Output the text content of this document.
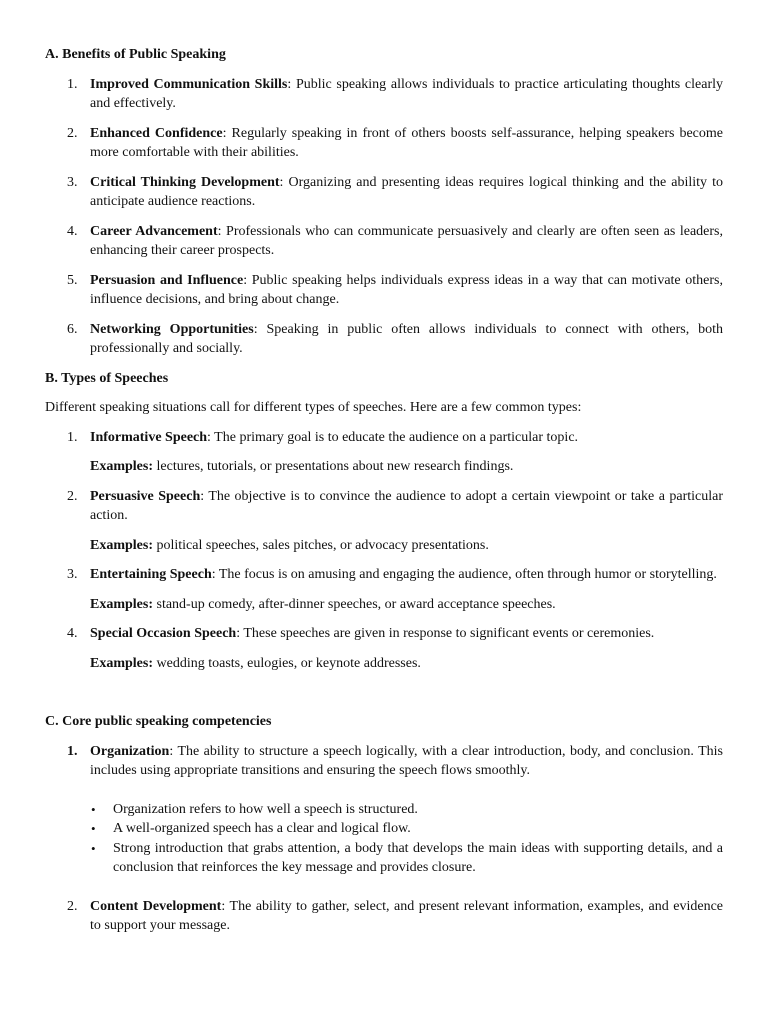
A. Benefits of Public Speaking

1. Improved Communication Skills: Public speaking allows individuals to practice articulating thoughts clearly and effectively.
2. Enhanced Confidence: Regularly speaking in front of others boosts self-assurance, helping speakers become more comfortable with their abilities.
3. Critical Thinking Development: Organizing and presenting ideas requires logical thinking and the ability to anticipate audience reactions.
4. Career Advancement: Professionals who can communicate persuasively and clearly are often seen as leaders, enhancing their career prospects.
5. Persuasion and Influence: Public speaking helps individuals express ideas in a way that can motivate others, influence decisions, and bring about change.
6. Networking Opportunities: Speaking in public often allows individuals to connect with others, both professionally and socially.

B. Types of Speeches

Different speaking situations call for different types of speeches. Here are a few common types:

1. Informative Speech: The primary goal is to educate the audience on a particular topic.
Examples: lectures, tutorials, or presentations about new research findings.
2. Persuasive Speech: The objective is to convince the audience to adopt a certain viewpoint or take a particular action.
Examples: political speeches, sales pitches, or advocacy presentations.
3. Entertaining Speech: The focus is on amusing and engaging the audience, often through humor or storytelling.
Examples: stand-up comedy, after-dinner speeches, or award acceptance speeches.
4. Special Occasion Speech: These speeches are given in response to significant events or ceremonies.
Examples: wedding toasts, eulogies, or keynote addresses.

C. Core public speaking competencies

1. Organization: The ability to structure a speech logically, with a clear introduction, body, and conclusion. This includes using appropriate transitions and ensuring the speech flows smoothly.
• Organization refers to how well a speech is structured.
• A well-organized speech has a clear and logical flow.
• Strong introduction that grabs attention, a body that develops the main ideas with supporting details, and a conclusion that reinforces the key message and provides closure.
2. Content Development: The ability to gather, select, and present relevant information, examples, and evidence to support your message.
